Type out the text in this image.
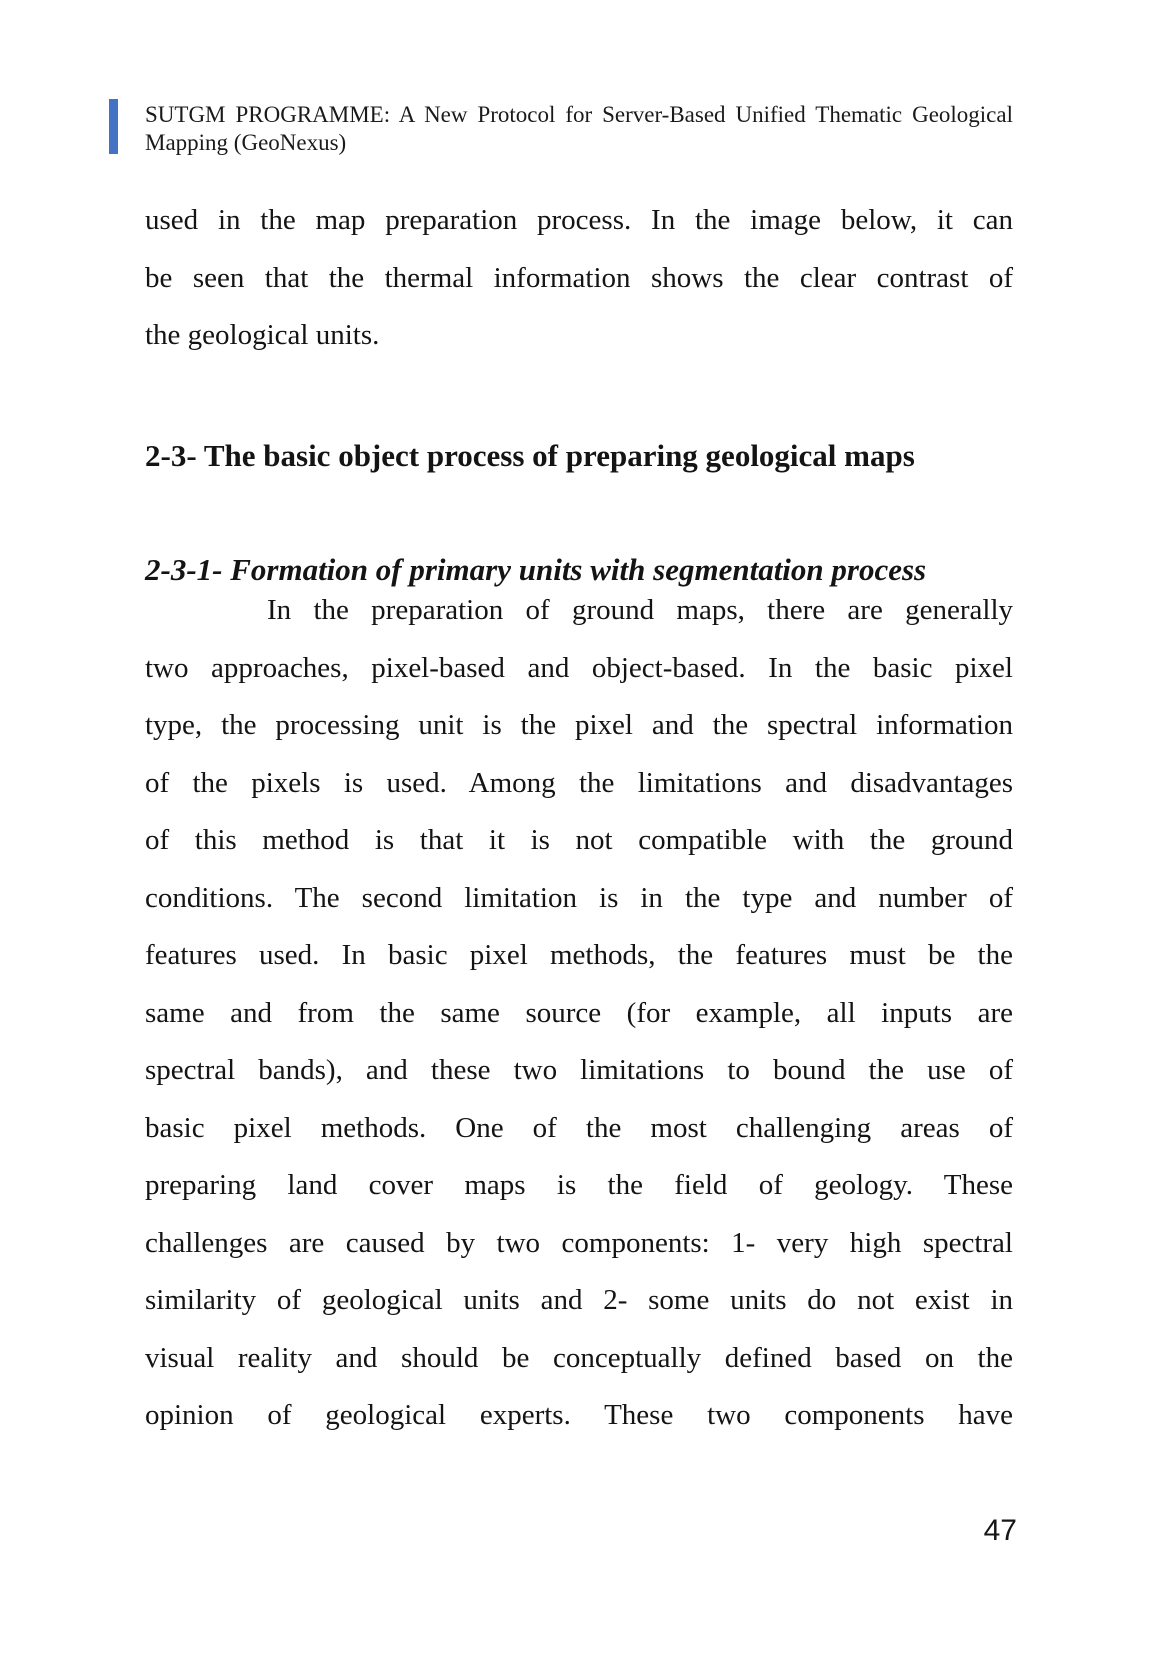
SUTGM PROGRAMME: A New Protocol for Server-Based Unified Thematic Geological
Mapping (GeoNexus)
used in the map preparation process. In the image below, it can
be seen that the thermal information shows the clear contrast of
the geological units.
2-3- The basic object process of preparing geological maps
2-3-1- Formation of primary units with segmentation process
In the preparation of ground maps, there are generally
two approaches, pixel-based and object-based. In the basic pixel
type, the processing unit is the pixel and the spectral information
of the pixels is used. Among the limitations and disadvantages
of this method is that it is not compatible with the ground
conditions. The second limitation is in the type and number of
features used. In basic pixel methods, the features must be the
same and from the same source (for example, all inputs are
spectral bands), and these two limitations to bound the use of
basic pixel methods. One of the most challenging areas of
preparing land cover maps is the field of geology. These
challenges are caused by two components: 1- very high spectral
similarity of geological units and 2- some units do not exist in
visual reality and should be conceptually defined based on the
opinion of geological experts. These two components have
47
